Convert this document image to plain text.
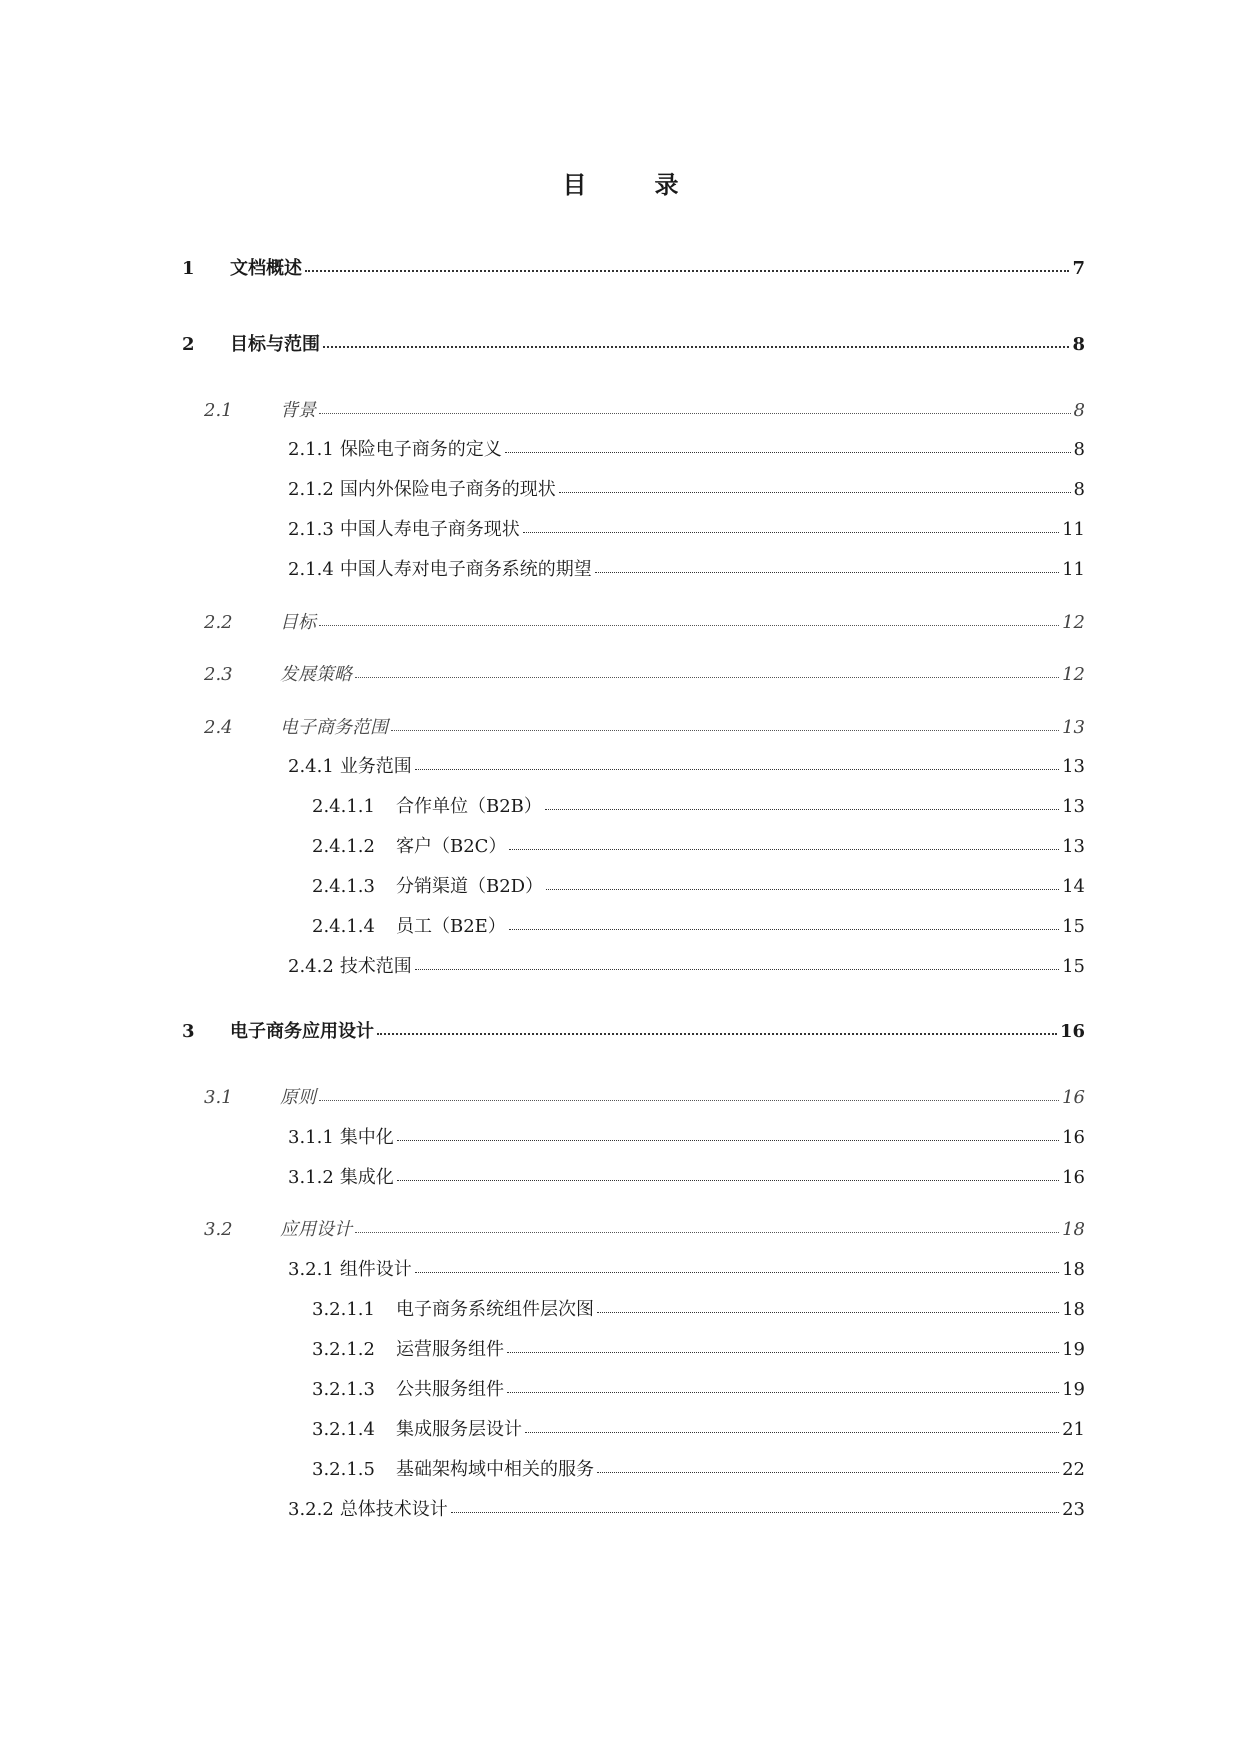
目	录
1	文档概述	7
2	目标与范围	8
2.1	背景	8
2.1.1 保险电子商务的定义	8
2.1.2 国内外保险电子商务的现状	8
2.1.3 中国人寿电子商务现状	11
2.1.4 中国人寿对电子商务系统的期望	11
2.2	目标	12
2.3	发展策略	12
2.4	电子商务范围	13
2.4.1 业务范围	13
2.4.1.1	合作单位（B2B）	13
2.4.1.2	客户（B2C）	13
2.4.1.3	分销渠道（B2D）	14
2.4.1.4	员工（B2E）	15
2.4.2 技术范围	15
3	电子商务应用设计	16
3.1	原则	16
3.1.1 集中化	16
3.1.2 集成化	16
3.2	应用设计	18
3.2.1 组件设计	18
3.2.1.1	电子商务系统组件层次图	18
3.2.1.2	运营服务组件	19
3.2.1.3	公共服务组件	19
3.2.1.4	集成服务层设计	21
3.2.1.5	基础架构域中相关的服务	22
3.2.2 总体技术设计	23
